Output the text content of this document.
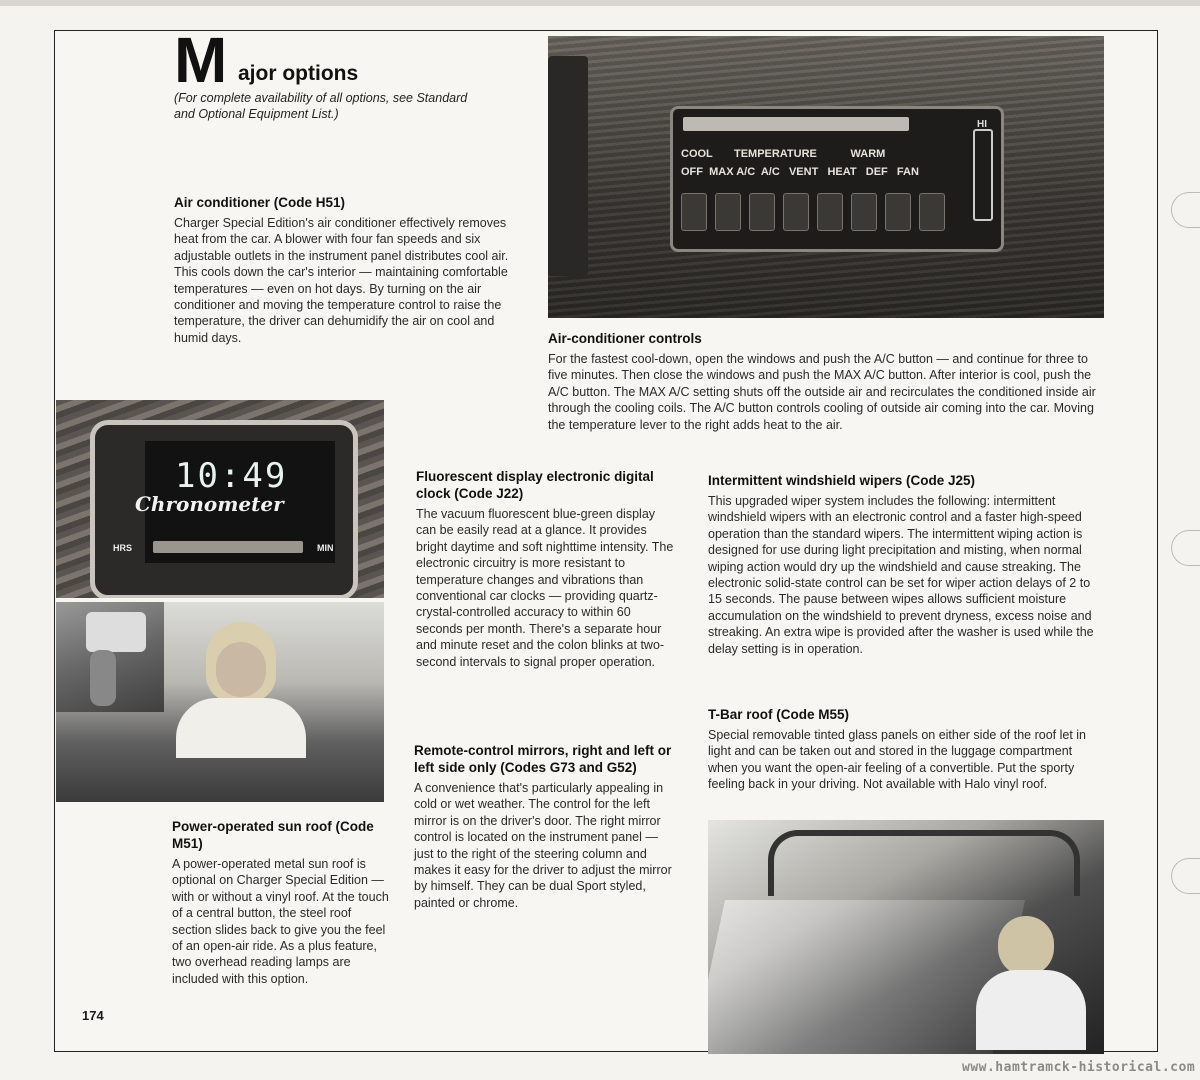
M ajor options
(For complete availability of all options, see Standard and Optional Equipment List.)
HI
COOL       TEMPERATURE           WARM
OFF  MAX A/C  A/C   VENT   HEAT   DEF   FAN
Air conditioner (Code H51)
Charger Special Edition's air conditioner effectively removes heat from the car. A blower with four fan speeds and six adjustable outlets in the instrument panel distributes cool air. This cools down the car's interior — maintaining comfortable temperatures — even on hot days. By turning on the air conditioner and moving the temperature control to raise the temperature, the driver can dehumidify the air on cool and humid days.	Air-conditioner controls
For the fastest cool-down, open the windows and push the A/C button — and continue for three to five minutes. Then close the windows and push the MAX A/C button. After interior is cool, push the A/C button. The MAX A/C setting shuts off the outside air and recirculates the conditioned inside air through the cooling coils. The A/C button controls cooling of outside air coming into the car. Moving the temperature lever to the right adds heat to the air.
10:49
Chronometer
HRS	MIN
Power-operated sun roof (Code M51)
A power-operated metal sun roof is optional on Charger Special Edition — with or without a vinyl roof. At the touch of a central button, the steel roof section slides back to give you the feel of an open-air ride. As a plus feature, two overhead reading lamps are included with this option.
Fluorescent display electronic digital clock (Code J22)
The vacuum fluorescent blue-green display can be easily read at a glance. It provides bright daytime and soft nighttime intensity. The electronic circuitry is more resistant to temperature changes and vibrations than conventional car clocks — providing quartz-crystal-controlled accuracy to within 60 seconds per month. There's a separate hour and minute reset and the colon blinks at two-second intervals to signal proper operation.
Remote-control mirrors, right and left or left side only (Codes G73 and G52)
A convenience that's particularly appealing in cold or wet weather. The control for the left mirror is on the driver's door. The right mirror control is located on the instrument panel — just to the right of the steering column and makes it easy for the driver to adjust the mirror by himself. They can be dual Sport styled, painted or chrome.
Intermittent windshield wipers (Code J25)
This upgraded wiper system includes the following: intermittent windshield wipers with an electronic control and a faster high-speed operation than the standard wipers. The intermittent wiping action is designed for use during light precipitation and misting, when normal wiping action would dry up the windshield and cause streaking. The electronic solid-state control can be set for wiper action delays of 2 to 15 seconds. The pause between wipes allows sufficient moisture accumulation on the windshield to prevent dryness, excess noise and streaking. An extra wipe is provided after the washer is used while the delay setting is in operation.
T-Bar roof (Code M55)
Special removable tinted glass panels on either side of the roof let in light and can be taken out and stored in the luggage compartment when you want the open-air feeling of a convertible. Put the sporty feeling back in your driving. Not available with Halo vinyl roof.
174
www.hamtramck-historical.com
